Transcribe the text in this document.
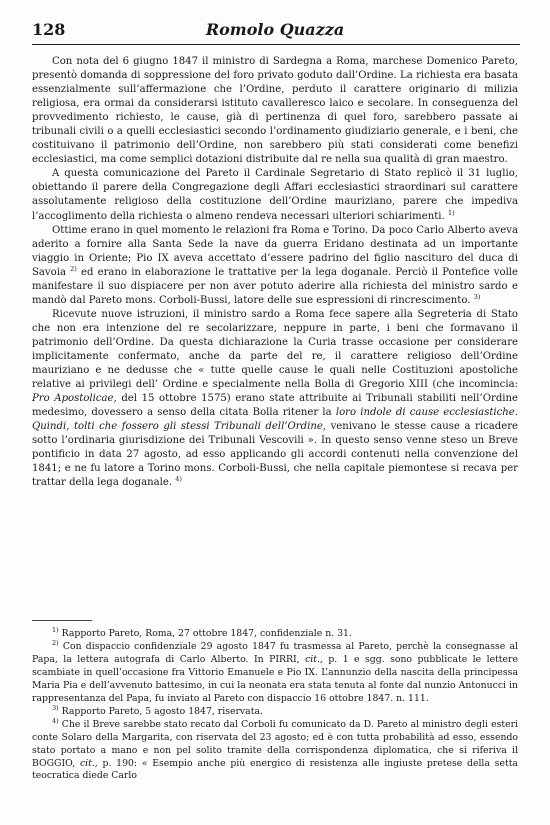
128	Romolo Quazza

Con nota del 6 giugno 1847 il ministro di Sardegna a Roma, marchese Domenico Pareto, presentò domanda di soppressione del foro privato goduto dall’Ordine. La richiesta era basata essenzialmente sull’affermazione che l’Ordine, perduto il carattere originario di milizia religiosa, era ormai da considerarsi istituto cavalleresco laico e secolare. In conseguenza del provvedimento richiesto, le cause, già di pertinenza di quel foro, sarebbero passate ai tribunali civili o a quelli ecclesiastici secondo l’ordinamento giudiziario generale, e i beni, che costituivano il patrimonio dell’Ordine, non sarebbero più stati considerati come benefizi ecclesiastici, ma come semplici dotazioni distribuite dal re nella sua qualità di gran maestro.

A questa comunicazione del Pareto il Cardinale Segretario di Stato replicò il 31 luglio, obiettando il parere della Congregazione degli Affari ecclesiastici straordinari sul carattere assolutamente religioso della costituzione dell’Ordine mauriziano, parere che impediva l’accoglimento della richiesta o almeno rendeva necessari ulteriori schiarimenti. $^{1)}$

Ottime erano in quel momento le relazioni fra Roma e Torino. Da poco Carlo Alberto aveva aderito a fornire alla Santa Sede la nave da guerra Eridano destinata ad un importante viaggio in Oriente; Pio IX aveva accettato d’essere padrino del figlio nascituro del duca di Savoia $^{2)}$ ed erano in elaborazione le trattative per la lega doganale. Perciò il Pontefice volle manifestare il suo dispiacere per non aver potuto aderire alla richiesta del ministro sardo e mandò dal Pareto mons. Corboli-Bussi, latore delle sue espressioni di rincrescimento. $^{3)}$

Ricevute nuove istruzioni, il ministro sardo a Roma fece sapere alla Segreteria di Stato che non era intenzione del re secolarizzare, neppure in parte, i beni che formavano il patrimonio dell’Ordine. Da questa dichiarazione la Curia trasse occasione per considerare implicitamente confermato, anche da parte del re, il carattere religioso dell’Ordine mauriziano e ne dedusse che « tutte quelle cause le quali nelle Costituzioni apostoliche relative ai privilegi dell’ Ordine e specialmente nella Bolla di Gregorio XIII (che incomincia: Pro Apostolicae, del 15 ottobre 1575) erano state attribuite ai Tribunali stabiliti nell’Ordine medesimo, dovessero a senso della citata Bolla ritener la loro indole di cause ecclesiastiche. Quindi, tolti che fossero gli stessi Tribunali dell’Ordine, venivano le stesse cause a ricadere sotto l’ordinaria giurisdizione dei Tribunali Vescovili ». In questo senso venne steso un Breve pontificio in data 27 agosto, ad esso applicando gli accordi contenuti nella convenzione del 1841; e ne fu latore a Torino mons. Corboli-Bussi, che nella capitale piemontese si recava per trattar della lega doganale. $^{4)}$

$^{1)}$ Rapporto Pareto, Roma, 27 ottobre 1847, confidenziale n. 31.

$^{2)}$ Con dispaccio confidenziale 29 agosto 1847 fu trasmessa al Pareto, perchè la consegnasse al Papa, la lettera autografa di Carlo Alberto. In PIRRI, cit., p. 1 e sgg. sono pubblicate le lettere scambiate in quell’occasione fra Vittorio Emanuele e Pio IX. L’annunzio della nascita della principessa Maria Pia e dell’avvenuto battesimo, in cui la neonata era stata tenuta al fonte dal nunzio Antonucci in rappresentanza del Papa, fu inviato al Pareto con dispaccio 16 ottobre 1847. n. 111.

$^{3)}$ Rapporto Pareto, 5 agosto 1847, riservata.

$^{4)}$ Che il Breve sarebbe stato recato dal Corboli fu comunicato da D. Pareto al ministro degli esteri conte Solaro della Margarita, con riservata del 23 agosto; ed è con tutta probabilità ad esso, essendo stato portato a mano e non pel solito tramite della corrispondenza diplomatica, che si riferiva il BOGGIO, cit., p. 190: « Esempio anche più energico di resistenza alle ingiuste pretese della setta teocratica diede Carlo
